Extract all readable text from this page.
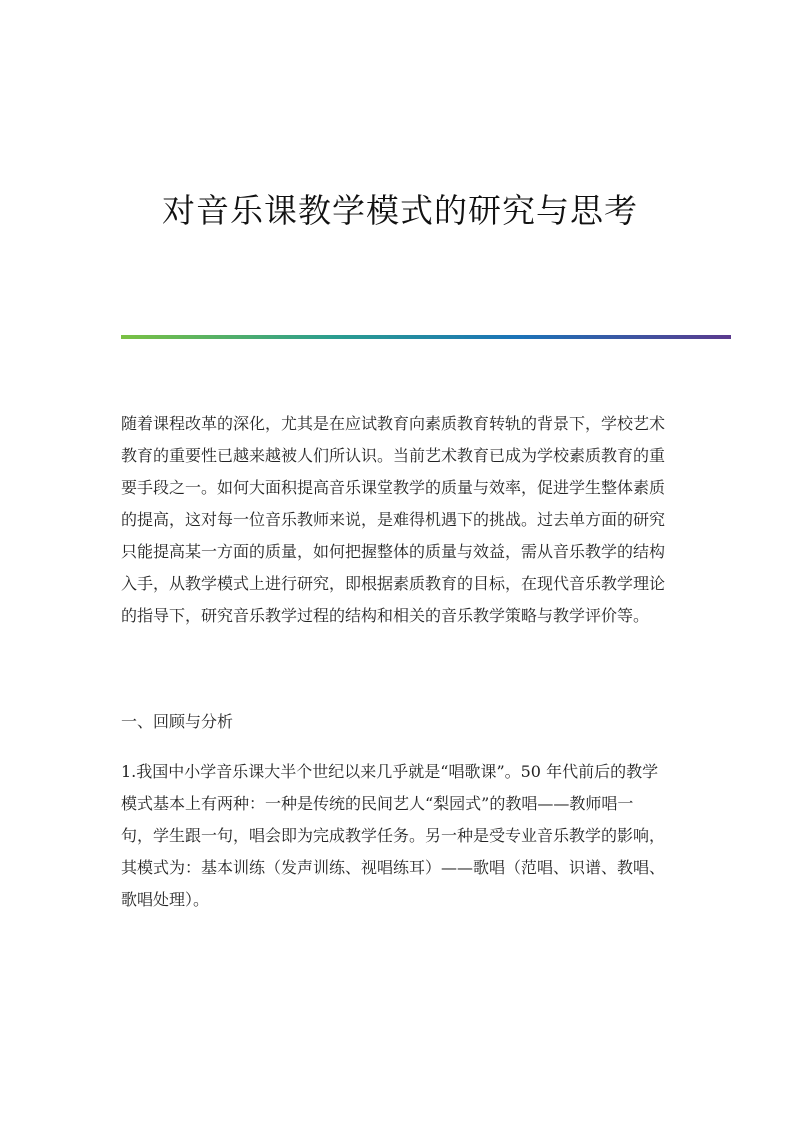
对音乐课教学模式的研究与思考

随着课程改革的深化，尤其是在应试教育向素质教育转轨的背景下，学校艺术
教育的重要性已越来越被人们所认识。当前艺术教育已成为学校素质教育的重
要手段之一。如何大面积提高音乐课堂教学的质量与效率，促进学生整体素质
的提高，这对每一位音乐教师来说，是难得机遇下的挑战。过去单方面的研究
只能提高某一方面的质量，如何把握整体的质量与效益，需从音乐教学的结构
入手，从教学模式上进行研究，即根据素质教育的目标，在现代音乐教学理论
的指导下，研究音乐教学过程的结构和相关的音乐教学策略与教学评价等。

一、回顾与分析

1.我国中小学音乐课大半个世纪以来几乎就是“唱歌课”。50 年代前后的教学
模式基本上有两种：一种是传统的民间艺人“梨园式”的教唱——教师唱一
句，学生跟一句，唱会即为完成教学任务。另一种是受专业音乐教学的影响，
其模式为：基本训练（发声训练、视唱练耳）——歌唱（范唱、识谱、教唱、
歌唱处理）。
